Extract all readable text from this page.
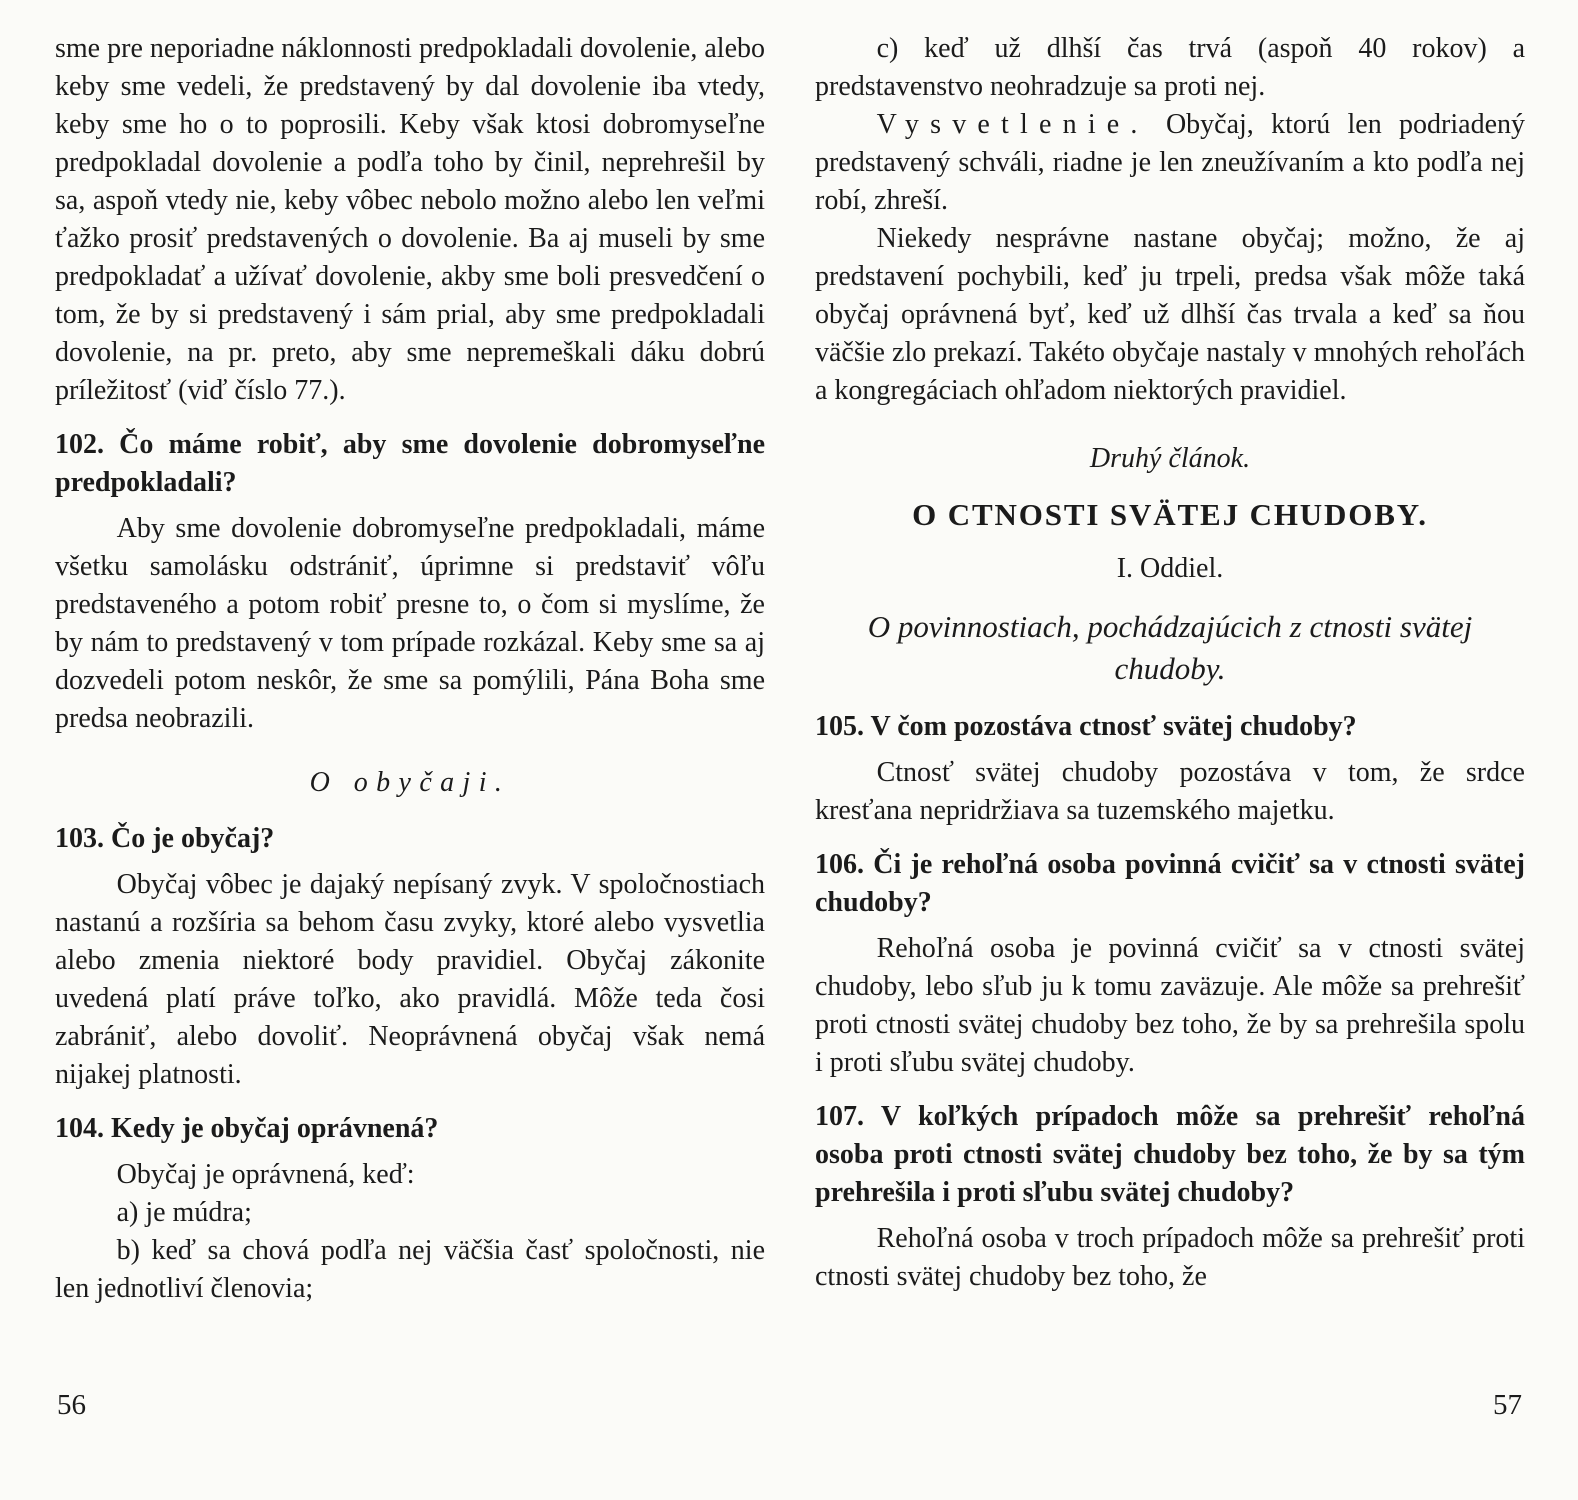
sme pre neporiadne náklonnosti predpokladali dovolenie, alebo keby sme vedeli, že predstavený by dal dovolenie iba vtedy, keby sme ho o to poprosili. Keby však ktosi dobromyseľne predpokladal dovolenie a podľa toho by činil, neprehrešil by sa, aspoň vtedy nie, keby vôbec nebolo možno alebo len veľmi ťažko prosiť predstavených o dovolenie. Ba aj museli by sme predpokladať a užívať dovolenie, akby sme boli presvedčení o tom, že by si predstavený i sám prial, aby sme predpokladali dovolenie, na pr. preto, aby sme nepremeškali dáku dobrú príležitosť (viď číslo 77.).

102. Čo máme robiť, aby sme dovolenie dobromyseľne predpokladali?

Aby sme dovolenie dobromyseľne predpokladali, máme všetku samolásku odstrániť, úprimne si predstaviť vôľu predstaveného a potom robiť presne to, o čom si myslíme, že by nám to predstavený v tom prípade rozkázal. Keby sme sa aj dozvedeli potom neskôr, že sme sa pomýlili, Pána Boha sme predsa neobrazili.

O obyčaji.

103. Čo je obyčaj?

Obyčaj vôbec je dajaký nepísaný zvyk. V spoločnostiach nastanú a rozšíria sa behom času zvyky, ktoré alebo vysvetlia alebo zmenia niektoré body pravidiel. Obyčaj zákonite uvedená platí práve toľko, ako pravidlá. Môže teda čosi zabrániť, alebo dovoliť. Neoprávnená obyčaj však nemá nijakej platnosti.

104. Kedy je obyčaj oprávnená?

Obyčaj je oprávnená, keď:

a) je múdra;

b) keď sa chová podľa nej väčšia časť spoločnosti, nie len jednotliví členovia;

c) keď už dlhší čas trvá (aspoň 40 rokov) a predstavenstvo neohradzuje sa proti nej.

Vysvetlenie. Obyčaj, ktorú len podriadený predstavený schváli, riadne je len zneužívaním a kto podľa nej robí, zhreší.

Niekedy nesprávne nastane obyčaj; možno, že aj predstavení pochybili, keď ju trpeli, predsa však môže taká obyčaj oprávnená byť, keď už dlhší čas trvala a keď sa ňou väčšie zlo prekazí. Takéto obyčaje nastaly v mnohých rehoľách a kongregáciach ohľadom niektorých pravidiel.

Druhý článok.

O CTNOSTI SVÄTEJ CHUDOBY.

I. Oddiel.

O povinnostiach, pochádzajúcich z ctnosti svätej chudoby.

105. V čom pozostáva ctnosť svätej chudoby?

Ctnosť svätej chudoby pozostáva v tom, že srdce kresťana nepridržiava sa tuzemského majetku.

106. Či je rehoľná osoba povinná cvičiť sa v ctnosti svätej chudoby?

Rehoľná osoba je povinná cvičiť sa v ctnosti svätej chudoby, lebo sľub ju k tomu zaväzuje. Ale môže sa prehrešiť proti ctnosti svätej chudoby bez toho, že by sa prehrešila spolu i proti sľubu svätej chudoby.

107. V koľkých prípadoch môže sa prehrešiť rehoľná osoba proti ctnosti svätej chudoby bez toho, že by sa tým prehrešila i proti sľubu svätej chudoby?

Rehoľná osoba v troch prípadoch môže sa prehrešiť proti ctnosti svätej chudoby bez toho, že

56	57
